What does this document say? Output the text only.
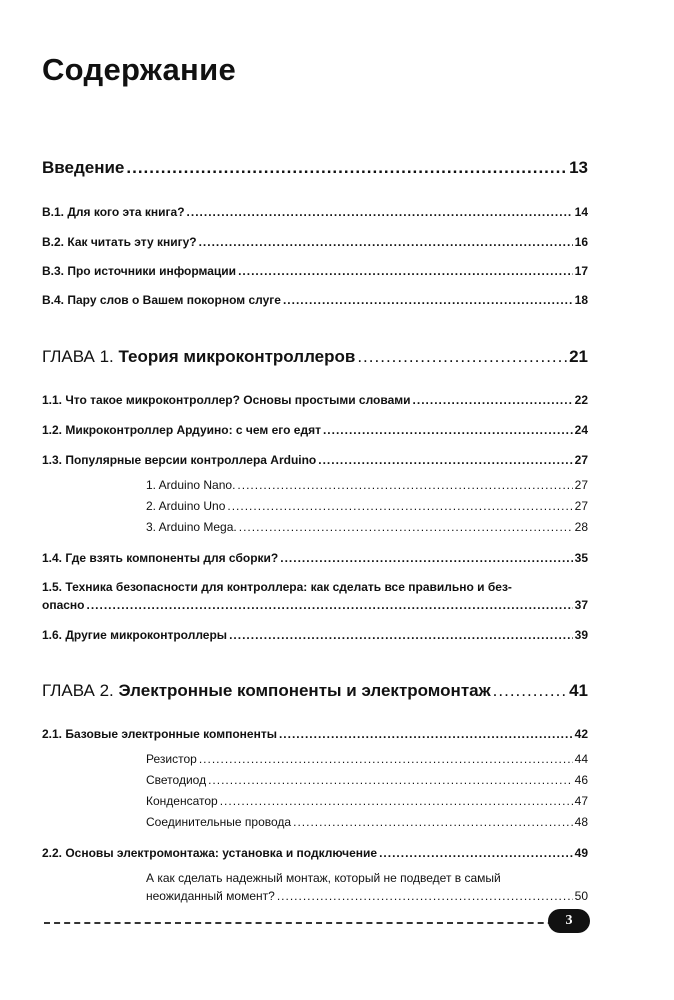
Содержание
Введение .....	13
B.1. Для кого эта книга? .....	14
B.2. Как читать эту книгу? .....	16
B.3. Про источники информации .....	17
B.4. Пару слов о Вашем покорном слуге .....	18
ГЛАВА 1. Теория микроконтроллеров .....	21
1.1. Что такое микроконтроллер? Основы простыми словами .....	22
1.2. Микроконтроллер Ардуино: с чем его едят .....	24
1.3. Популярные версии контроллера Arduino .....	27
1. Arduino Nano. .....	27
2. Arduino Uno .....	27
3. Arduino Mega. .....	28
1.4. Где взять компоненты для сборки? .....	35
1.5. Техника безопасности для контроллера: как сделать все правильно и без-
опасно .....	37
1.6. Другие микроконтроллеры .....	39
ГЛАВА 2. Электронные компоненты и электромонтаж .....	41
2.1. Базовые электронные компоненты .....	42
Резистор .....	44
Светодиод .....	46
Конденсатор .....	47
Соединительные провода .....	48
2.2. Основы электромонтажа: установка и подключение .....	49
А как сделать надежный монтаж, который не подведет в самый
неожиданный момент? .....	50
3
